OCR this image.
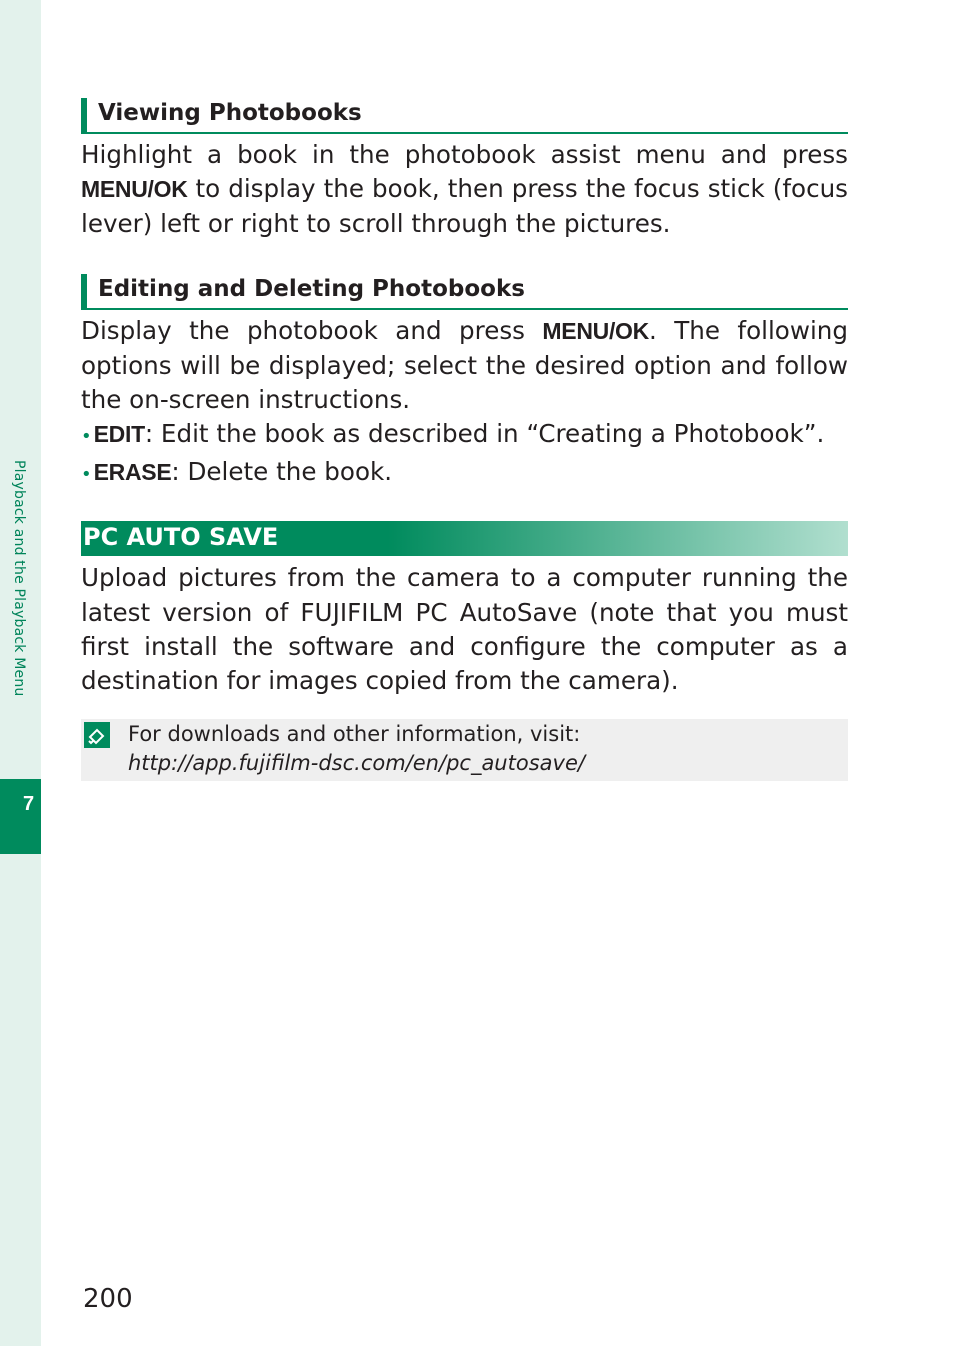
Playback and the Playback Menu
7
Viewing Photobooks

Highlight a book in the photobook assist menu and press MENU/OK to display the book, then press the focus stick (focus lever) left or right to scroll through the pictures.

Editing and Deleting Photobooks

Display the photobook and press MENU/OK. The following options will be displayed; select the desired option and follow the on-screen instructions.

•EDIT: Edit the book as described in “Creating a Photobook”.
•ERASE: Delete the book.
PC AUTO SAVE

Upload pictures from the camera to a computer running the latest version of FUJIFILM PC AutoSave (note that you must first install the software and configure the computer as a destination for images copied from the camera).

For downloads and other information, visit:
http://app.fujifilm-dsc.com/en/pc_autosave/
200
